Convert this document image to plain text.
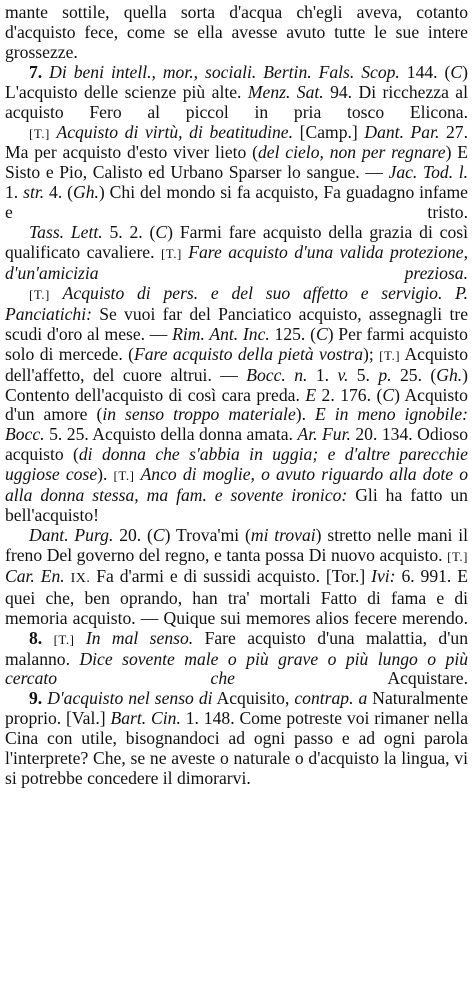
mante sottile, quella sorta d'acqua ch'egli aveva, cotanto d'acquisto fece, come se ella avesse avuto tutte le sue intere grossezze.

7. Di beni intell., mor., sociali. Bertin. Fals. Scop. 144. (C) L'acquisto delle scienze più alte. Menz. Sat. 94. Di ricchezza al acquisto Fero al piccol in pria tosco Elicona.

[T.] Acquisto di virtù, di beatitudine. [Camp.] Dant. Par. 27. Ma per acquisto d'esto viver lieto (del cielo, non per regnare) E Sisto e Pio, Calisto ed Urbano Sparser lo sangue. — Jac. Tod. l. 1. str. 4. (Gh.) Chi del mondo si fa acquisto, Fa guadagno infame e tristo.

Tass. Lett. 5. 2. (C) Farmi fare acquisto della grazia di così qualificato cavaliere. [T.] Fare acquisto d'una valida protezione, d'un'amicizia preziosa.

[T.] Acquisto di pers. e del suo affetto e servigio. P. Panciatichi: Se vuoi far del Panciatico acquisto, assegnagli tre scudi d'oro al mese. — Rim. Ant. Inc. 125. (C) Per farmi acquisto solo di mercede. (Fare acquisto della pietà vostra); [T.] Acquisto dell'affetto, del cuore altrui. — Bocc. n. 1. v. 5. p. 25. (Gh.) Contento dell'acquisto di così cara preda. E 2. 176. (C) Acquisto d'un amore (in senso troppo materiale). E in meno ignobile: Bocc. 5. 25. Acquisto della donna amata. Ar. Fur. 20. 134. Odioso acquisto (di donna che s'abbia in uggia; e d'altre parecchie uggiose cose). [T.] Anco di moglie, o avuto riguardo alla dote o alla donna stessa, ma fam. e sovente ironico: Gli ha fatto un bell'acquisto!

Dant. Purg. 20. (C) Trova'mi (mi trovai) stretto nelle mani il freno Del governo del regno, e tanta possa Di nuovo acquisto. [T.] Car. En. IX. Fa d'armi e di sussidi acquisto. [Tor.] Ivi: 6. 991. E quei che, ben oprando, han tra' mortali Fatto di fama e di memoria acquisto. — Quique sui memores alios fecere merendo.

8. [T.] In mal senso. Fare acquisto d'una malattia, d'un malanno. Dice sovente male o più grave o più lungo o più cercato che Acquistare.

9. D'acquisto nel senso di Acquisito, contrap. a Naturalmente proprio. [Val.] Bart. Cin. 1. 148. Come potreste voi rimaner nella Cina con utile, bisognandoci ad ogni passo e ad ogni parola l'interprete? Che, se ne aveste o naturale o d'acquisto la lingua, vi si potrebbe concedere il dimorarvi.
